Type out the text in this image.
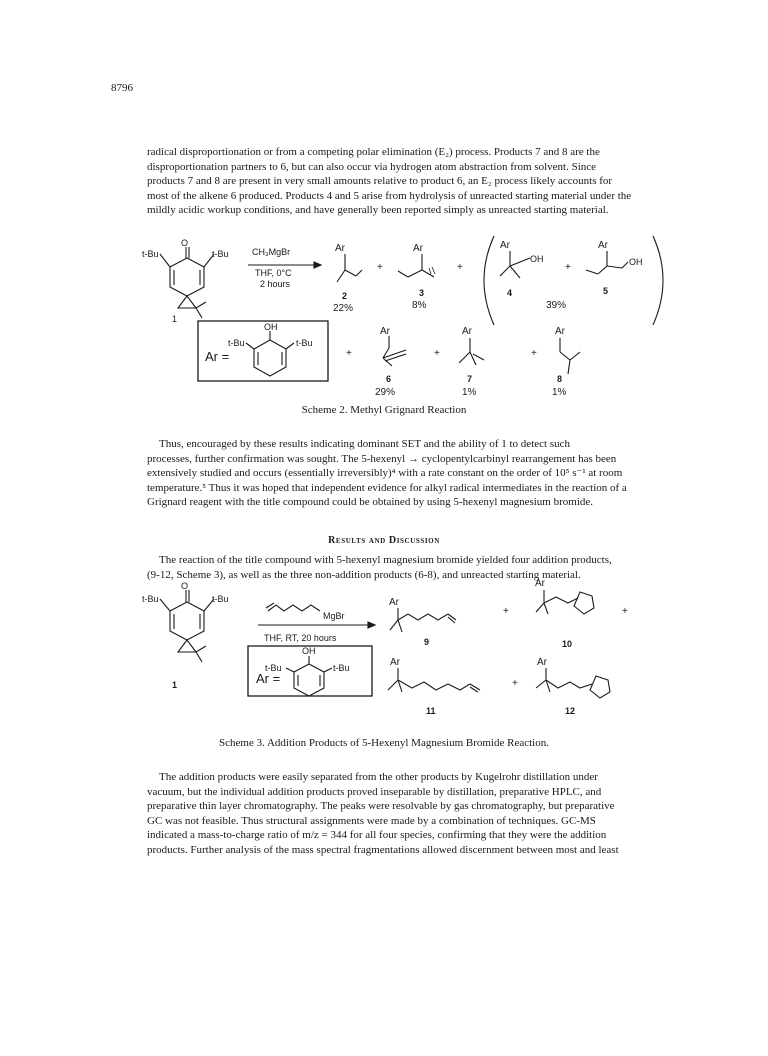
8796
radical disproportionation or from a competing polar elimination (E₂) process. Products 7 and 8 are the
disproportionation partners to 6, but can also occur via hydrogen atom abstraction from solvent. Since
products 7 and 8 are present in very small amounts relative to product 6, an E₂ process likely accounts for
most of the alkene 6 produced. Products 4 and 5 arise from hydrolysis of unreacted starting material under the
mildly acidic workup conditions, and have generally been reported simply as unreacted starting material.
O
t-Bu	t-Bu
1
CH₃MgBr
THF, 0°C
2 hours
Ar
2
22%
+
Ar
3
8%
+
Ar
OH
4
+
Ar
OH
5
39%
OH
t-Bu	t-Bu
Ar =	+
Ar
6
29%
+
Ar
7
1%
+
Ar
8
1%
O
t-Bu	t-Bu
1
MgBr
THF, RT, 20 hours
OH
t-Bu	t-Bu
Ar =
Ar
9
+
Ar
10
+
Ar
11
+
Ar
12
Scheme 2. Methyl Grignard Reaction
Thus, encouraged by these results indicating dominant SET and the ability of 1 to detect such
processes, further confirmation was sought. The 5-hexenyl → cyclopentylcarbinyl rearrangement has been
extensively studied and occurs (essentially irreversibly)⁴ with a rate constant on the order of 10⁵ s⁻¹ at room
temperature.⁵ Thus it was hoped that independent evidence for alkyl radical intermediates in the reaction of a
Grignard reagent with the title compound could be obtained by using 5-hexenyl magnesium bromide.
Results and Discussion
The reaction of the title compound with 5-hexenyl magnesium bromide yielded four addition products,
(9-12, Scheme 3), as well as the three non-addition products (6-8), and unreacted starting material.
Scheme 3. Addition Products of 5-Hexenyl Magnesium Bromide Reaction.
The addition products were easily separated from the other products by Kugelrohr distillation under
vacuum, but the individual addition products proved inseparable by distillation, preparative HPLC, and
preparative thin layer chromatography. The peaks were resolvable by gas chromatography, but preparative
GC was not feasible. Thus structural assignments were made by a combination of techniques. GC-MS
indicated a mass-to-charge ratio of m/z = 344 for all four species, confirming that they were the addition
products. Further analysis of the mass spectral fragmentations allowed discernment between most and least
